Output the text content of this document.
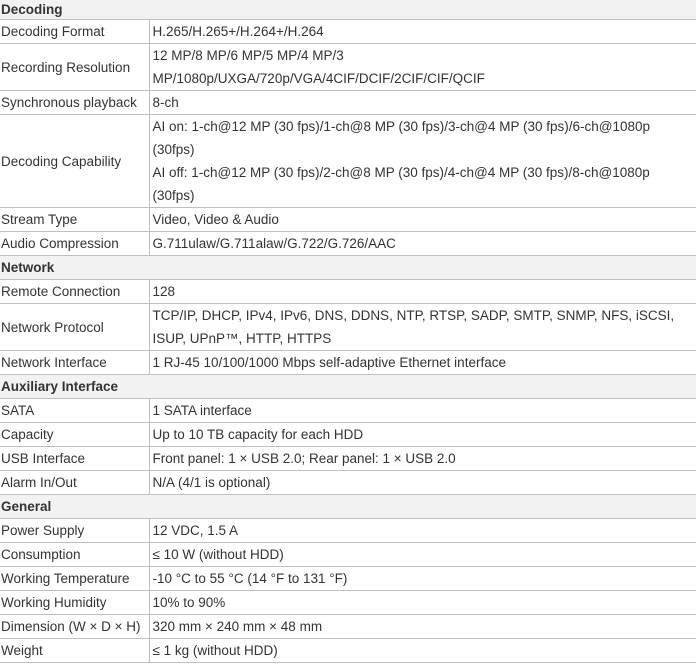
Decoding	
Decoding Format	H.265/H.265+/H.264+/H.264

Recording Resolution	12 MP/8 MP/6 MP/5 MP/4 MP/3
MP/1080p/UXGA/720p/VGA/4CIF/DCIF/2CIF/CIF/QCIF

Synchronous playback	8-ch

Decoding Capability	AI on: 1-ch@12 MP (30 fps)/1-ch@8 MP (30 fps)/3-ch@4 MP (30 fps)/6-ch@1080p
(30fps)
AI off: 1-ch@12 MP (30 fps)/2-ch@8 MP (30 fps)/4-ch@4 MP (30 fps)/8-ch@1080p
(30fps)

Stream Type	Video, Video & Audio

Audio Compression	G.711ulaw/G.711alaw/G.722/G.726/AAC

Network	
Remote Connection	128

Network Protocol	TCP/IP, DHCP, IPv4, IPv6, DNS, DDNS, NTP, RTSP, SADP, SMTP, SNMP, NFS, iSCSI,
ISUP, UPnP™, HTTP, HTTPS

Network Interface	1 RJ-45 10/100/1000 Mbps self-adaptive Ethernet interface

Auxiliary Interface	
SATA	1 SATA interface

Capacity	Up to 10 TB capacity for each HDD

USB Interface	Front panel: 1 × USB 2.0; Rear panel: 1 × USB 2.0

Alarm In/Out	N/A (4/1 is optional)

General	
Power Supply	12 VDC, 1.5 A

Consumption	≤ 10 W (without HDD)

Working Temperature	-10 °C to 55 °C (14 °F to 131 °F)

Working Humidity	10% to 90%

Dimension (W × D × H)	320 mm × 240 mm × 48 mm

Weight	≤ 1 kg (without HDD)
